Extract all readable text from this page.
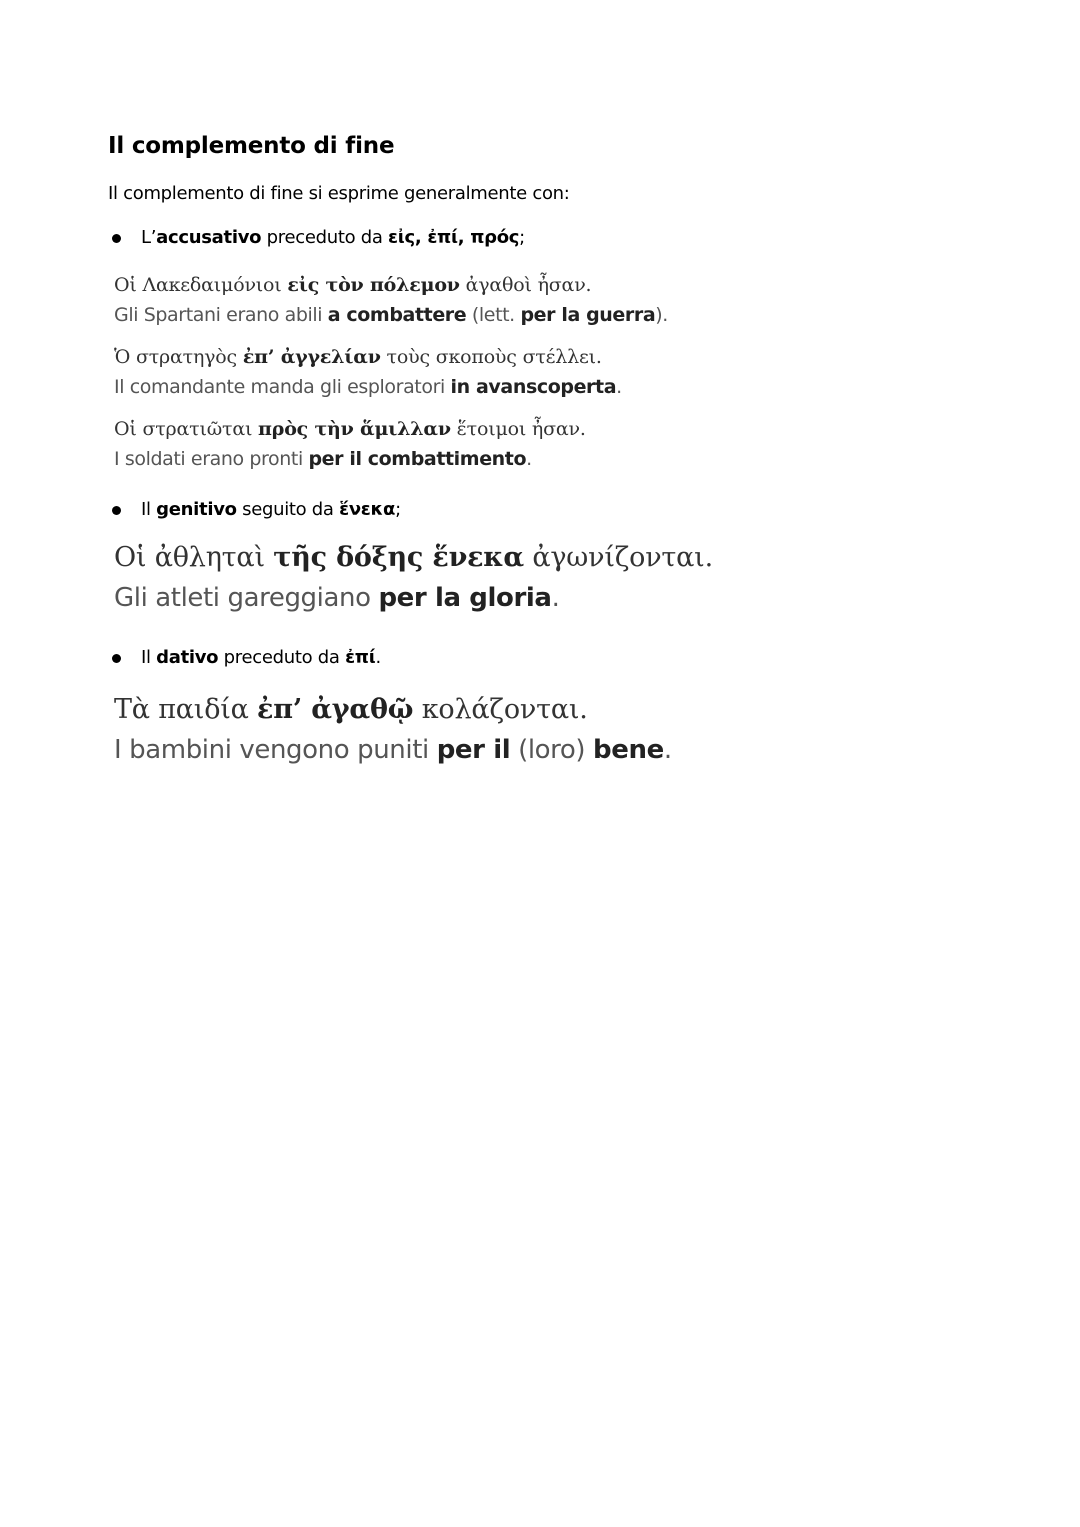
Il complemento di fine
Il complemento di fine si esprime generalmente con:
L’accusativo preceduto da εἰς, ἐπί, πρός;
Οἱ Λακεδαιμόνιοι εἰς τὸν πόλεμον ἀγαθοὶ ἦσαν.
Gli Spartani erano abili a combattere (lett. per la guerra).
Ὁ στρατηγὸς ἐπ’ ἀγγελίαν τοὺς σκοποὺς στέλλει.
Il comandante manda gli esploratori in avanscoperta.
Οἱ στρατιῶται πρὸς τὴν ἅμιλλαν ἕτοιμοι ἦσαν.
I soldati erano pronti per il combattimento.
Il genitivo seguito da ἕνεκα;
Οἱ ἀθληταὶ τῆς δόξης ἕνεκα ἀγωνίζονται.
Gli atleti gareggiano per la gloria.
Il dativo preceduto da ἐπί.
Τὰ παιδία ἐπ’ ἀγαθῷ κολάζονται.
I bambini vengono puniti per il (loro) bene.
